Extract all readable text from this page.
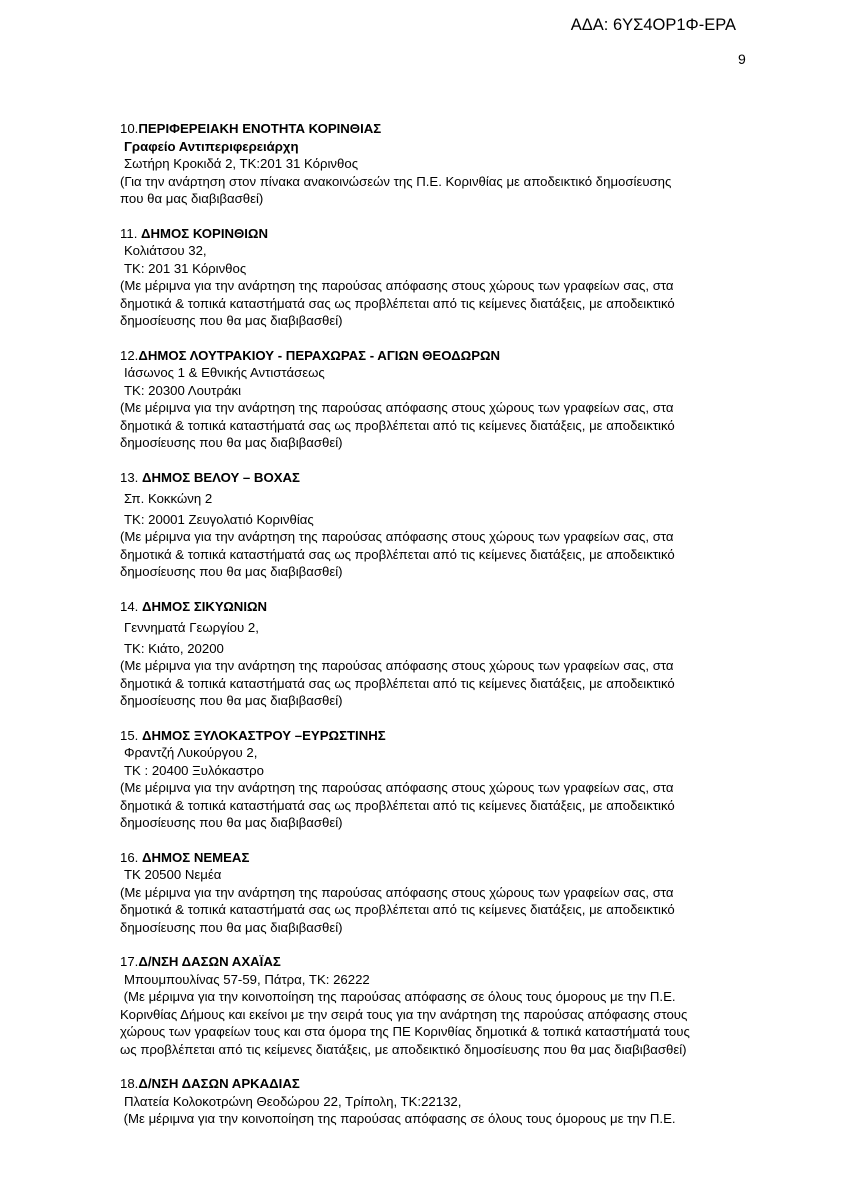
ΑΔΑ: 6ΥΣ4ΟΡ1Φ-ΕΡΑ
9
10.ΠΕΡΙΦΕΡΕΙΑΚΗ ΕΝΟΤΗΤΑ ΚΟΡΙΝΘΙΑΣ
Γραφείο Αντιπεριφερειάρχη
Σωτήρη Κροκιδά 2, ΤΚ:201 31 Κόρινθος
(Για την ανάρτηση στον πίνακα ανακοινώσεών της Π.Ε. Κορινθίας με αποδεικτικό δημοσίευσης
που θα μας διαβιβασθεί)
11. ΔΗΜΟΣ ΚΟΡΙΝΘΙΩΝ
Κολιάτσου 32,
ΤΚ: 201 31 Κόρινθος
(Με μέριμνα για την ανάρτηση της παρούσας απόφασης στους χώρους των γραφείων σας, στα
δημοτικά & τοπικά καταστήματά σας ως προβλέπεται από τις κείμενες διατάξεις, με αποδεικτικό
δημοσίευσης που θα μας διαβιβασθεί)
12.ΔΗΜΟΣ ΛΟΥΤΡΑΚΙΟΥ - ΠΕΡΑΧΩΡΑΣ - ΑΓΙΩΝ ΘΕΟΔΩΡΩΝ
Ιάσωνος 1 & Εθνικής Αντιστάσεως
ΤΚ: 20300 Λουτράκι
(Με μέριμνα για την ανάρτηση της παρούσας απόφασης στους χώρους των γραφείων σας, στα
δημοτικά & τοπικά καταστήματά σας ως προβλέπεται από τις κείμενες διατάξεις, με αποδεικτικό
δημοσίευσης που θα μας διαβιβασθεί)
13. ΔΗΜΟΣ ΒΕΛΟΥ – ΒΟΧΑΣ
Σπ. Κοκκώνη 2
ΤΚ: 20001 Ζευγολατιό Κορινθίας
(Με μέριμνα για την ανάρτηση της παρούσας απόφασης στους χώρους των γραφείων σας, στα
δημοτικά & τοπικά καταστήματά σας ως προβλέπεται από τις κείμενες διατάξεις, με αποδεικτικό
δημοσίευσης που θα μας διαβιβασθεί)
14. ΔΗΜΟΣ ΣΙΚΥΩΝΙΩΝ
Γεννηματά Γεωργίου 2,
ΤΚ: Κιάτο, 20200
(Με μέριμνα για την ανάρτηση της παρούσας απόφασης στους χώρους των γραφείων σας, στα
δημοτικά & τοπικά καταστήματά σας ως προβλέπεται από τις κείμενες διατάξεις, με αποδεικτικό
δημοσίευσης που θα μας διαβιβασθεί)
15. ΔΗΜΟΣ ΞΥΛΟΚΑΣΤΡΟΥ –ΕΥΡΩΣΤΙΝΗΣ
Φραντζή Λυκούργου 2,
ΤΚ : 20400 Ξυλόκαστρο
(Με μέριμνα για την ανάρτηση της παρούσας απόφασης στους χώρους των γραφείων σας, στα
δημοτικά & τοπικά καταστήματά σας ως προβλέπεται από τις κείμενες διατάξεις, με αποδεικτικό
δημοσίευσης που θα μας διαβιβασθεί)
16. ΔΗΜΟΣ ΝΕΜΕΑΣ
ΤΚ 20500 Νεμέα
(Με μέριμνα για την ανάρτηση της παρούσας απόφασης στους χώρους των γραφείων σας, στα
δημοτικά & τοπικά καταστήματά σας ως προβλέπεται από τις κείμενες διατάξεις, με αποδεικτικό
δημοσίευσης που θα μας διαβιβασθεί)
17.Δ/ΝΣΗ ΔΑΣΩΝ ΑΧΑΪΑΣ
Μπουμπουλίνας 57-59, Πάτρα, ΤΚ: 26222
(Με μέριμνα για την κοινοποίηση της παρούσας απόφασης σε όλους τους όμορους με την Π.Ε.
Κορινθίας Δήμους και εκείνοι με την σειρά τους για την ανάρτηση της παρούσας απόφασης στους
χώρους των γραφείων τους και στα όμορα της ΠΕ Κορινθίας δημοτικά & τοπικά καταστήματά τους
ως προβλέπεται από τις κείμενες διατάξεις, με αποδεικτικό δημοσίευσης που θα μας διαβιβασθεί)
18.Δ/ΝΣΗ ΔΑΣΩΝ ΑΡΚΑΔΙΑΣ
Πλατεία Κολοκοτρώνη Θεοδώρου 22, Τρίπολη, ΤΚ:22132,
(Με μέριμνα για την κοινοποίηση της παρούσας απόφασης σε όλους τους όμορους με την Π.Ε.
